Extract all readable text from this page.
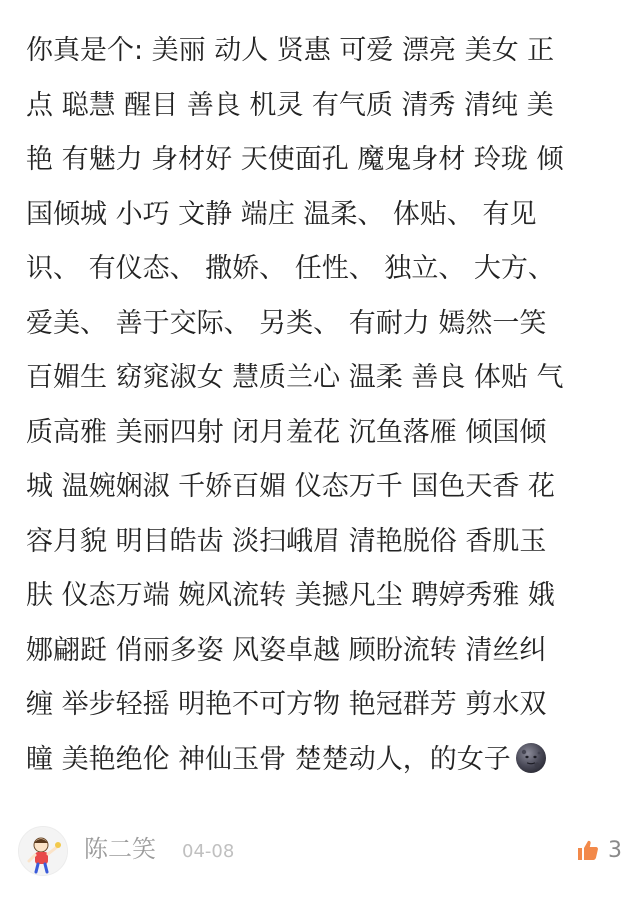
你真是个: 美丽 动人 贤惠 可爱 漂亮 美女 正
点 聪慧 醒目 善良 机灵 有气质 清秀 清纯 美
艳 有魅力 身材好 天使面孔 魔鬼身材 玲珑 倾
国倾城 小巧 文静 端庄 温柔、 体贴、 有见
识、 有仪态、 撒娇、 任性、 独立、 大方、
爱美、 善于交际、 另类、 有耐力 嫣然一笑
百媚生 窈窕淑女 慧质兰心 温柔 善良 体贴 气
质高雅 美丽四射 闭月羞花 沉鱼落雁 倾国倾
城 温婉娴淑 千娇百媚 仪态万千 国色天香 花
容月貌 明目皓齿 淡扫峨眉 清艳脱俗 香肌玉
肤 仪态万端 婉风流转 美撼凡尘 聘婷秀雅 娥
娜翩跹 俏丽多姿 风姿卓越 顾盼流转 清丝纠
缠 举步轻摇 明艳不可方物 艳冠群芳 剪水双
瞳 美艳绝伦 神仙玉骨 楚楚动人，的女子
陈二笑 04-08	3
